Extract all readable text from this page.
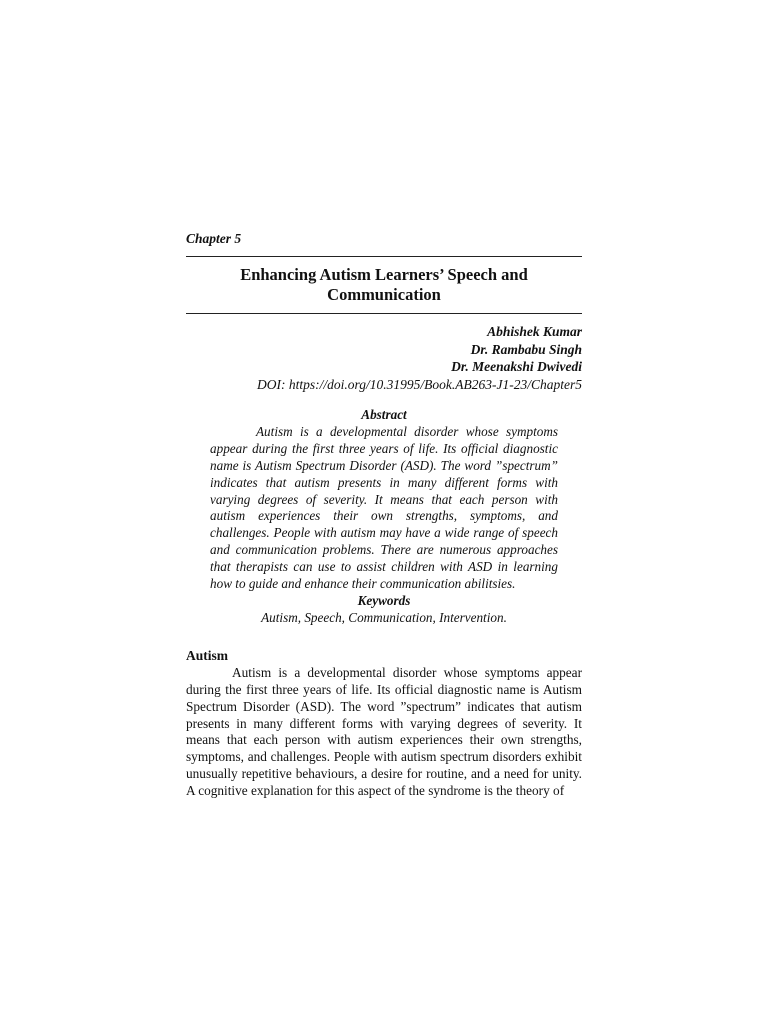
Chapter 5

Enhancing Autism Learners’ Speech and
Communication
Abhishek Kumar
Dr. Rambabu Singh
Dr. Meenakshi Dwivedi
DOI: https://doi.org/10.31995/Book.AB263-J1-23/Chapter5

Abstract

Autism is a developmental disorder whose symptoms appear during the first three years of life. Its official diagnostic name is Autism Spectrum Disorder (ASD). The word ”spectrum” indicates that autism presents in many different forms with varying degrees of severity. It means that each person with autism experiences their own strengths, symptoms, and challenges. People with autism may have a wide range of speech and communication problems. There are numerous approaches that therapists can use to assist children with ASD in learning how to guide and enhance their communication abilitsies.

Keywords

Autism, Speech, Communication, Intervention.

Autism

Autism is a developmental disorder whose symptoms appear during the first three years of life. Its official diagnostic name is Autism Spectrum Disorder (ASD). The word ”spectrum” indicates that autism presents in many different forms with varying degrees of severity. It means that each person with autism experiences their own strengths, symptoms, and challenges. People with autism spectrum disorders exhibit unusually repetitive behaviours, a desire for routine, and a need for unity. A cognitive explanation for this aspect of the syndrome is the theory of
